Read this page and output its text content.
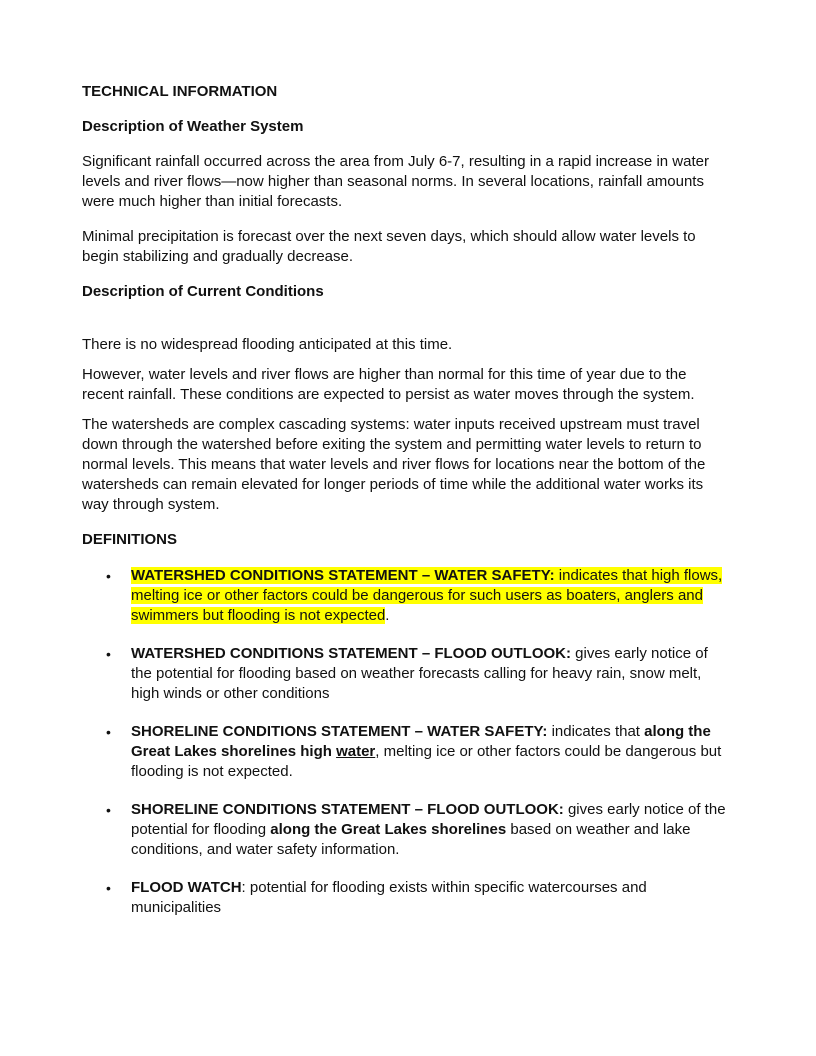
TECHNICAL INFORMATION

Description of Weather System

Significant rainfall occurred across the area from July 6-7, resulting in a rapid increase in water levels and river flows—now higher than seasonal norms. In several locations, rainfall amounts were much higher than initial forecasts.

Minimal precipitation is forecast over the next seven days, which should allow water levels to begin stabilizing and gradually decrease.

Description of Current Conditions

There is no widespread flooding anticipated at this time.

However, water levels and river flows are higher than normal for this time of year due to the recent rainfall. These conditions are expected to persist as water moves through the system.

The watersheds are complex cascading systems: water inputs received upstream must travel down through the watershed before exiting the system and permitting water levels to return to normal levels. This means that water levels and river flows for locations near the bottom of the watersheds can remain elevated for longer periods of time while the additional water works its way through system.

DEFINITIONS

• WATERSHED CONDITIONS STATEMENT – WATER SAFETY: indicates that high flows, melting ice or other factors could be dangerous for such users as boaters, anglers and swimmers but flooding is not expected.
• WATERSHED CONDITIONS STATEMENT – FLOOD OUTLOOK: gives early notice of the potential for flooding based on weather forecasts calling for heavy rain, snow melt, high winds or other conditions
• SHORELINE CONDITIONS STATEMENT – WATER SAFETY: indicates that along the Great Lakes shorelines high water, melting ice or other factors could be dangerous but flooding is not expected.
• SHORELINE CONDITIONS STATEMENT – FLOOD OUTLOOK: gives early notice of the potential for flooding along the Great Lakes shorelines based on weather and lake conditions, and water safety information.
• FLOOD WATCH: potential for flooding exists within specific watercourses and municipalities
